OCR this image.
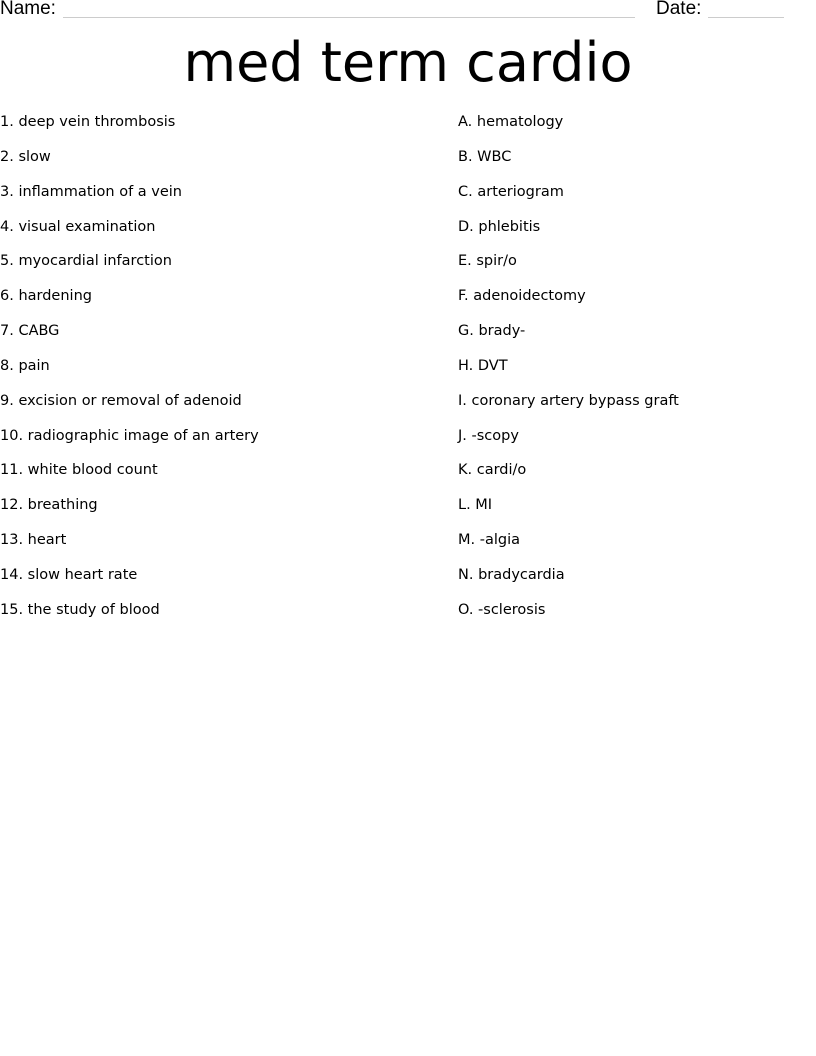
Name:	Date:
med term cardio
1. deep vein thrombosis
2. slow
3. inflammation of a vein
4. visual examination
5. myocardial infarction
6. hardening
7. CABG
8. pain
9. excision or removal of adenoid
10. radiographic image of an artery
11. white blood count
12. breathing
13. heart
14. slow heart rate
15. the study of blood
A. hematology
B. WBC
C. arteriogram
D. phlebitis
E. spir/o
F. adenoidectomy
G. brady-
H. DVT
I. coronary artery bypass graft
J. -scopy
K. cardi/o
L. MI
M. -algia
N. bradycardia
O. -sclerosis
